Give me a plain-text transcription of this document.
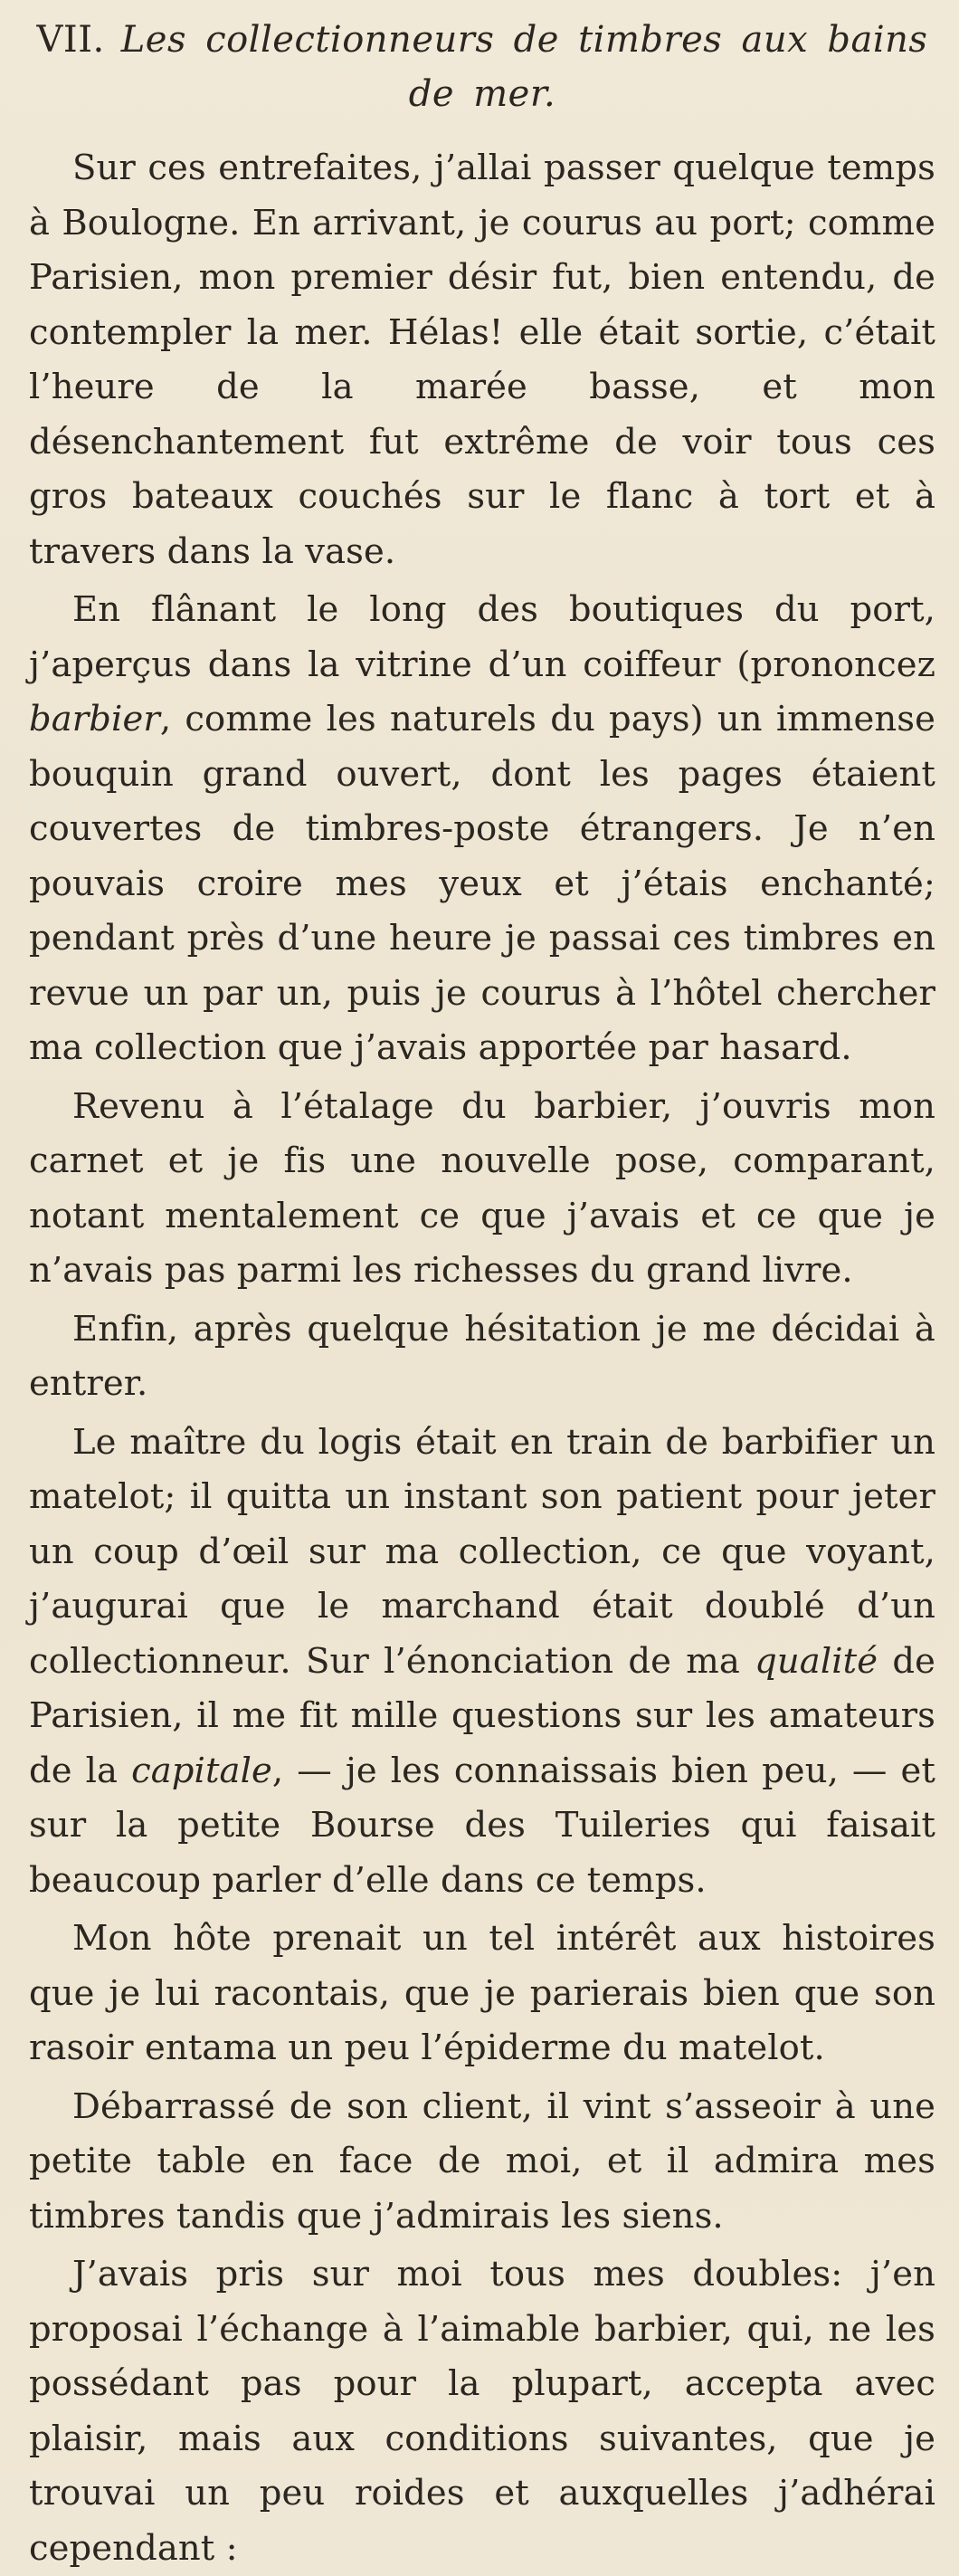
VII. Les collectionneurs de timbres aux bains de mer.

Sur ces entrefaites, j’allai passer quelque temps à Boulogne. En arrivant, je courus au port; comme Parisien, mon premier désir fut, bien entendu, de contempler la mer. Hélas! elle était sortie, c’était l’heure de la marée basse, et mon désenchantement fut extrême de voir tous ces gros bateaux couchés sur le flanc à tort et à travers dans la vase.

En flânant le long des boutiques du port, j’aperçus dans la vitrine d’un coiffeur (prononcez barbier, comme les naturels du pays) un immense bouquin grand ouvert, dont les pages étaient couvertes de timbres-poste étrangers. Je n’en pouvais croire mes yeux et j’étais enchanté; pendant près d’une heure je passai ces timbres en revue un par un, puis je courus à l’hôtel chercher ma collection que j’avais apportée par hasard.

Revenu à l’étalage du barbier, j’ouvris mon carnet et je fis une nouvelle pose, comparant, notant mentalement ce que j’avais et ce que je n’avais pas parmi les richesses du grand livre.

Enfin, après quelque hésitation je me décidai à entrer.

Le maître du logis était en train de barbifier un matelot; il quitta un instant son patient pour jeter un coup d’œil sur ma collection, ce que voyant, j’augurai que le marchand était doublé d’un collectionneur. Sur l’énonciation de ma qualité de Parisien, il me fit mille questions sur les amateurs de la capitale, — je les connaissais bien peu, — et sur la petite Bourse des Tuileries qui faisait beaucoup parler d’elle dans ce temps.

Mon hôte prenait un tel intérêt aux histoires que je lui racontais, que je parierais bien que son rasoir entama un peu l’épiderme du matelot.

Débarrassé de son client, il vint s’asseoir à une petite table en face de moi, et il admira mes timbres tandis que j’admirais les siens.

J’avais pris sur moi tous mes doubles: j’en proposai l’échange à l’aimable barbier, qui, ne les possédant pas pour la plupart, accepta avec plaisir, mais aux conditions suivantes, que je trouvai un peu roides et auxquelles j’adhérai cependant :
